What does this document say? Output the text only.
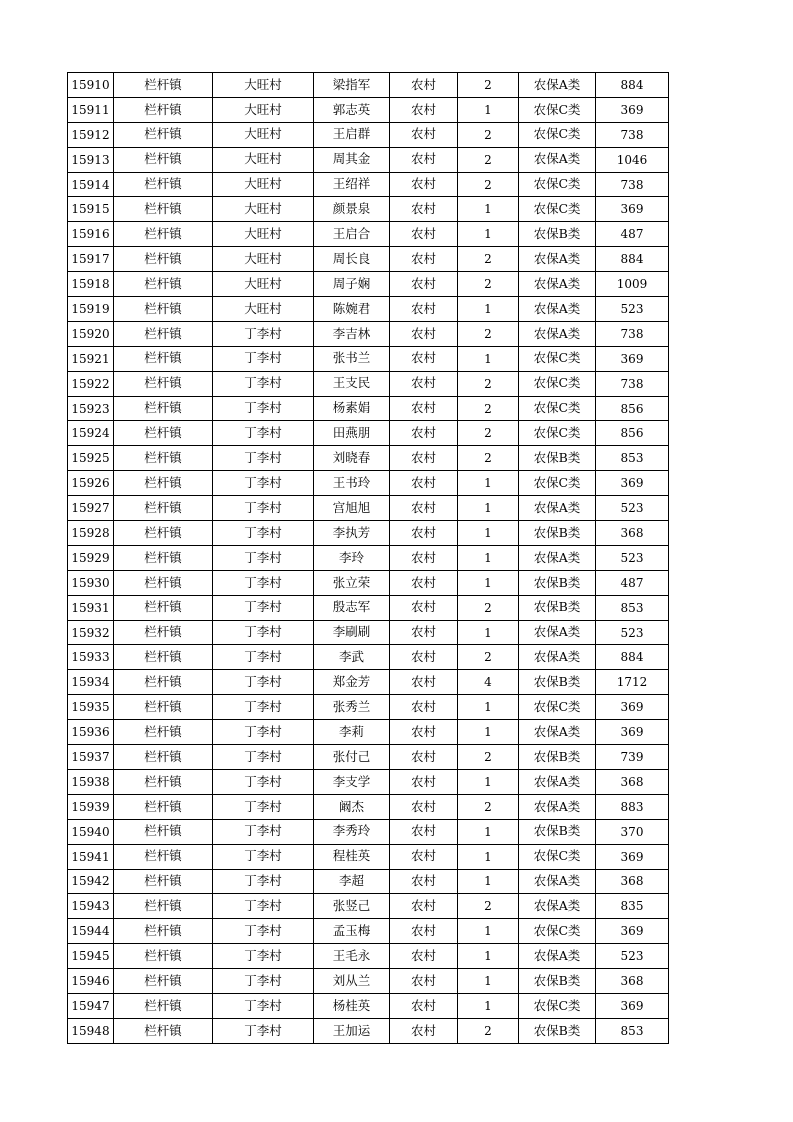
15910	栏杆镇	大旺村	梁指军	农村	2	农保A类	884
15911	栏杆镇	大旺村	郭志英	农村	1	农保C类	369
15912	栏杆镇	大旺村	王启群	农村	2	农保C类	738
15913	栏杆镇	大旺村	周其金	农村	2	农保A类	1046
15914	栏杆镇	大旺村	王绍祥	农村	2	农保C类	738
15915	栏杆镇	大旺村	颜景泉	农村	1	农保C类	369
15916	栏杆镇	大旺村	王启合	农村	1	农保B类	487
15917	栏杆镇	大旺村	周长良	农村	2	农保A类	884
15918	栏杆镇	大旺村	周子娴	农村	2	农保A类	1009
15919	栏杆镇	大旺村	陈婉君	农村	1	农保A类	523
15920	栏杆镇	丁李村	李吉林	农村	2	农保A类	738
15921	栏杆镇	丁李村	张书兰	农村	1	农保C类	369
15922	栏杆镇	丁李村	王支民	农村	2	农保C类	738
15923	栏杆镇	丁李村	杨素娟	农村	2	农保C类	856
15924	栏杆镇	丁李村	田燕朋	农村	2	农保C类	856
15925	栏杆镇	丁李村	刘晓春	农村	2	农保B类	853
15926	栏杆镇	丁李村	王书玲	农村	1	农保C类	369
15927	栏杆镇	丁李村	宫旭旭	农村	1	农保A类	523
15928	栏杆镇	丁李村	李执芳	农村	1	农保B类	368
15929	栏杆镇	丁李村	李玲	农村	1	农保A类	523
15930	栏杆镇	丁李村	张立荣	农村	1	农保B类	487
15931	栏杆镇	丁李村	殷志军	农村	2	农保B类	853
15932	栏杆镇	丁李村	李刷刷	农村	1	农保A类	523
15933	栏杆镇	丁李村	李武	农村	2	农保A类	884
15934	栏杆镇	丁李村	郑金芳	农村	4	农保B类	1712
15935	栏杆镇	丁李村	张秀兰	农村	1	农保C类	369
15936	栏杆镇	丁李村	李莉	农村	1	农保A类	369
15937	栏杆镇	丁李村	张付己	农村	2	农保B类	739
15938	栏杆镇	丁李村	李支学	农村	1	农保A类	368
15939	栏杆镇	丁李村	阚杰	农村	2	农保A类	883
15940	栏杆镇	丁李村	李秀玲	农村	1	农保B类	370
15941	栏杆镇	丁李村	程桂英	农村	1	农保C类	369
15942	栏杆镇	丁李村	李超	农村	1	农保A类	368
15943	栏杆镇	丁李村	张竖己	农村	2	农保A类	835
15944	栏杆镇	丁李村	孟玉梅	农村	1	农保C类	369
15945	栏杆镇	丁李村	王毛永	农村	1	农保A类	523
15946	栏杆镇	丁李村	刘从兰	农村	1	农保B类	368
15947	栏杆镇	丁李村	杨桂英	农村	1	农保C类	369
15948	栏杆镇	丁李村	王加运	农村	2	农保B类	853
